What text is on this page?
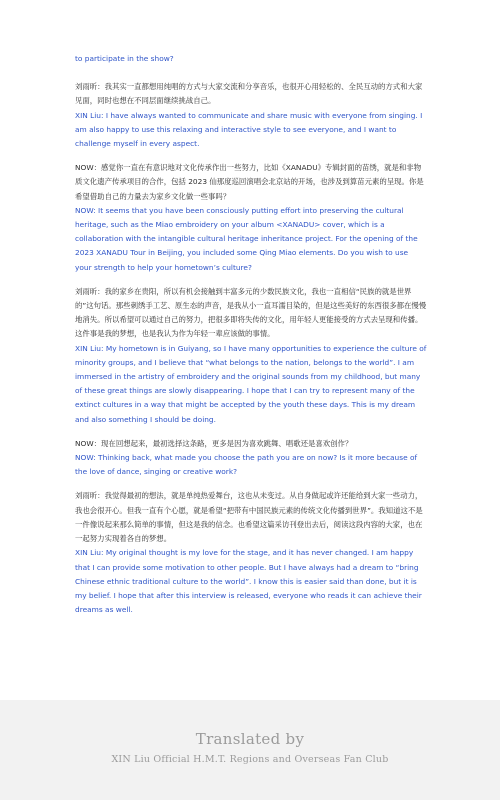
to participate in the show?

刘雨昕：我其实一直都想用纯唱的方式与大家交流和分享音乐，也很开心用轻松的、全民互动的方式和大家见面，同时也想在不同层面继续挑战自己。

XIN Liu: I have always wanted to communicate and share music with everyone from singing. I am also happy to use this relaxing and interactive style to see everyone, and I want to challenge myself in every aspect.

NOW：感觉你一直在有意识地对文化传承作出一些努力，比如《XANADU》专辑封面的苗绣，就是和非物质文化遗产传承项目的合作，包括 2023 仙那度巡回演唱会北京站的开场，也涉及到算苗元素的呈现。你是希望借助自己的力量去为家乡文化做一些事吗？

NOW: It seems that you have been consciously putting effort into preserving the cultural heritage, such as the Miao embroidery on your album <XANADU> cover, which is a collaboration with the intangible cultural heritage inheritance project. For the opening of the 2023 XANADU Tour in Beijing, you included some Qing Miao elements. Do you wish to use your strength to help your hometown’s culture?

刘雨昕：我的家乡在贵阳，所以有机会接触到丰富多元的少数民族文化，我也一直相信“民族的就是世界的”这句话。那些刺绣手工艺、原生态的声音，是我从小一直耳濡目染的，但是这些美好的东西很多都在慢慢地消失。所以希望可以通过自己的努力，把很多即将失传的文化，用年轻人更能接受的方式去呈现和传播。这件事是我的梦想，也是我认为作为年轻一辈应该做的事情。

XIN Liu: My hometown is in Guiyang, so I have many opportunities to experience the culture of minority groups, and I believe that “what belongs to the nation, belongs to the world”. I am immersed in the artistry of embroidery and the original sounds from my childhood, but many of these great things are slowly disappearing. I hope that I can try to represent many of the extinct cultures in a way that might be accepted by the youth these days. This is my dream and also something I should be doing.

NOW：现在回想起来，最初选择这条路，更多是因为喜欢跳舞、唱歌还是喜欢创作？

NOW: Thinking back, what made you choose the path you are on now? Is it more because of the love of dance, singing or creative work?

刘雨昕：我觉得最初的想法，就是单纯热爱舞台，这也从未变过。从自身做起或许还能给到大家一些动力，我也会很开心。但我一直有个心愿，就是希望“把带有中国民族元素的传统文化传播到世界”。我知道这不是一件像说起来那么简单的事情，但这是我的信念。也希望这篇采访刊登出去后，阅读这段内容的大家，也在一起努力实现着各自的梦想。

XIN Liu: My original thought is my love for the stage, and it has never changed. I am happy that I can provide some motivation to other people. But I have always had a dream to “bring Chinese ethnic traditional culture to the world”. I know this is easier said than done, but it is my belief. I hope that after this interview is released, everyone who reads it can achieve their dreams as well.

Translated by
XIN Liu Official H.M.T. Regions and Overseas Fan Club
